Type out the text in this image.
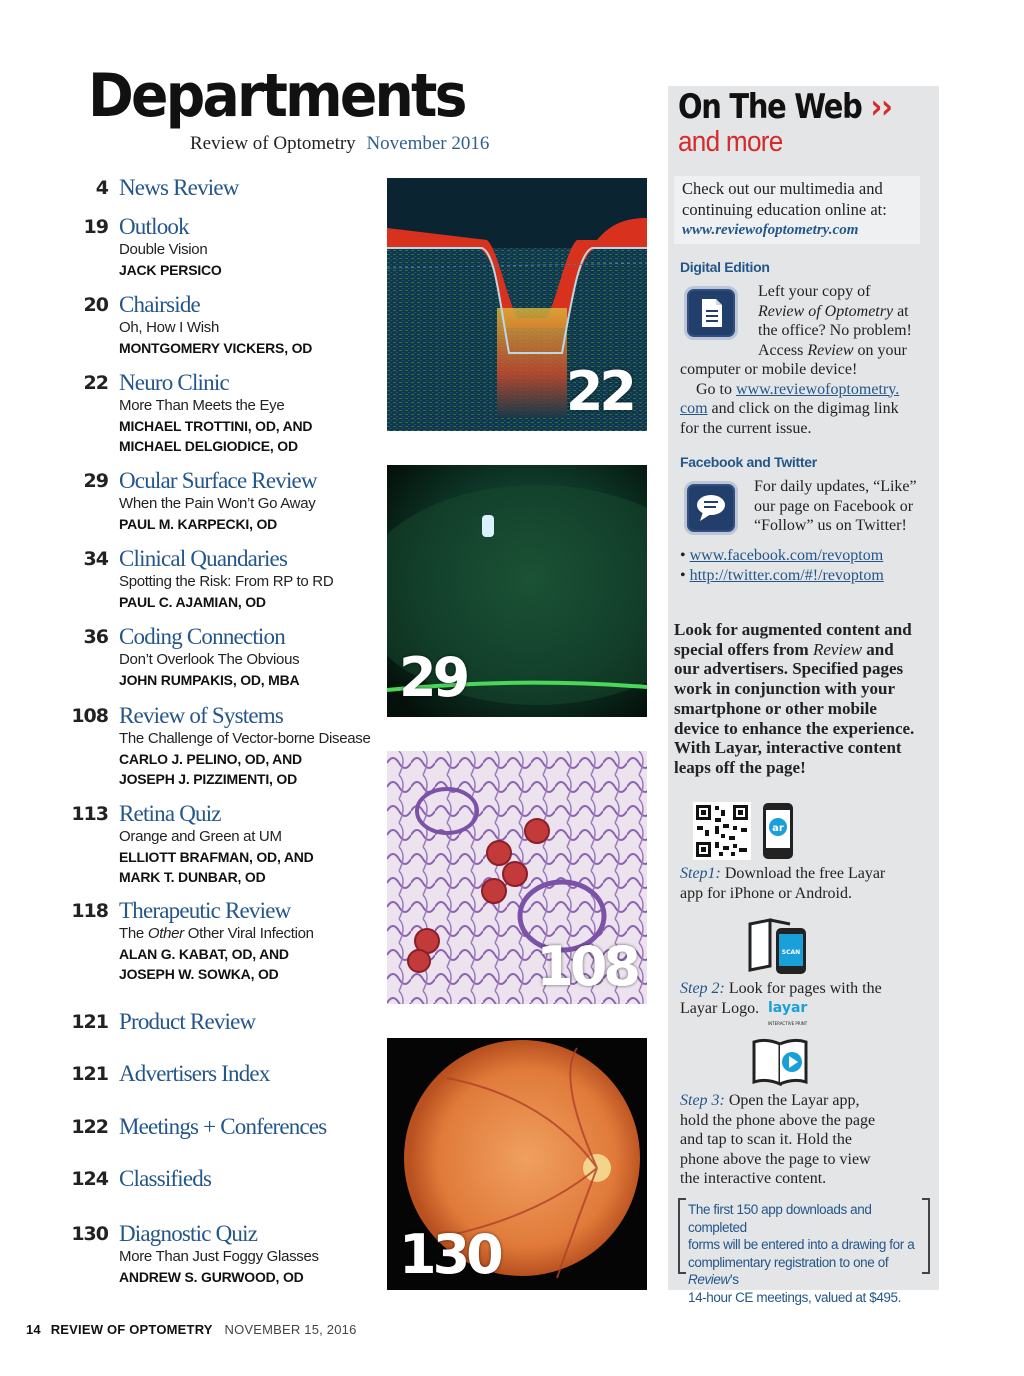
Departments
Review of Optometry November 2016
4 News Review
19 Outlook
Double Vision
JACK PERSICO
20 Chairside
Oh, How I Wish
MONTGOMERY VICKERS, OD
22 Neuro Clinic
More Than Meets the Eye
MICHAEL TROTTINI, OD, AND
MICHAEL DELGIODICE, OD
29 Ocular Surface Review
When the Pain Won’t Go Away
PAUL M. KARPECKI, OD
34 Clinical Quandaries
Spotting the Risk: From RP to RD
PAUL C. AJAMIAN, OD
36 Coding Connection
Don’t Overlook The Obvious
JOHN RUMPAKIS, OD, MBA
108 Review of Systems
The Challenge of Vector-borne Disease
CARLO J. PELINO, OD, AND
JOSEPH J. PIZZIMENTI, OD
113 Retina Quiz
Orange and Green at UM
ELLIOTT BRAFMAN, OD, AND
MARK T. DUNBAR, OD
118 Therapeutic Review
The Other Other Viral Infection
ALAN G. KABAT, OD, AND
JOSEPH W. SOWKA, OD
121 Product Review
121 Advertisers Index
122 Meetings + Conferences
124 Classifieds
130 Diagnostic Quiz
More Than Just Foggy Glasses
ANDREW S. GURWOOD, OD
22
29
108
130
On The Web ››
and more
Check out our multimedia and
continuing education online at:
www.reviewofoptometry.com
Digital Edition
Left your copy of
Review of Optometry at
the office? No problem!
Access Review on your
computer or mobile device!
Go to www.reviewofoptometry.
com and click on the digimag link
for the current issue.
Facebook and Twitter
For daily updates, “Like”
our page on Facebook or
“Follow” us on Twitter!
• www.facebook.com/revoptom
• http://twitter.com/#!/revoptom
Look for augmented content and
special offers from Review and
our advertisers. Specified pages
work in conjunction with your
smartphone or other mobile
device to enhance the experience.
With Layar, interactive content
leaps off the page!
ar
Step1: Download the free Layar
app for iPhone or Android.
SCAN
Step 2: Look for pages with the
Layar Logo. layar
INTERACTIVE PRINT
Step 3: Open the Layar app,
hold the phone above the page
and tap to scan it. Hold the
phone above the page to view
the interactive content.
The first 150 app downloads and completed
forms will be entered into a drawing for a
complimentary registration to one of Review’s
14-hour CE meetings, valued at $495.
14 REVIEW OF OPTOMETRY NOVEMBER 15, 2016
